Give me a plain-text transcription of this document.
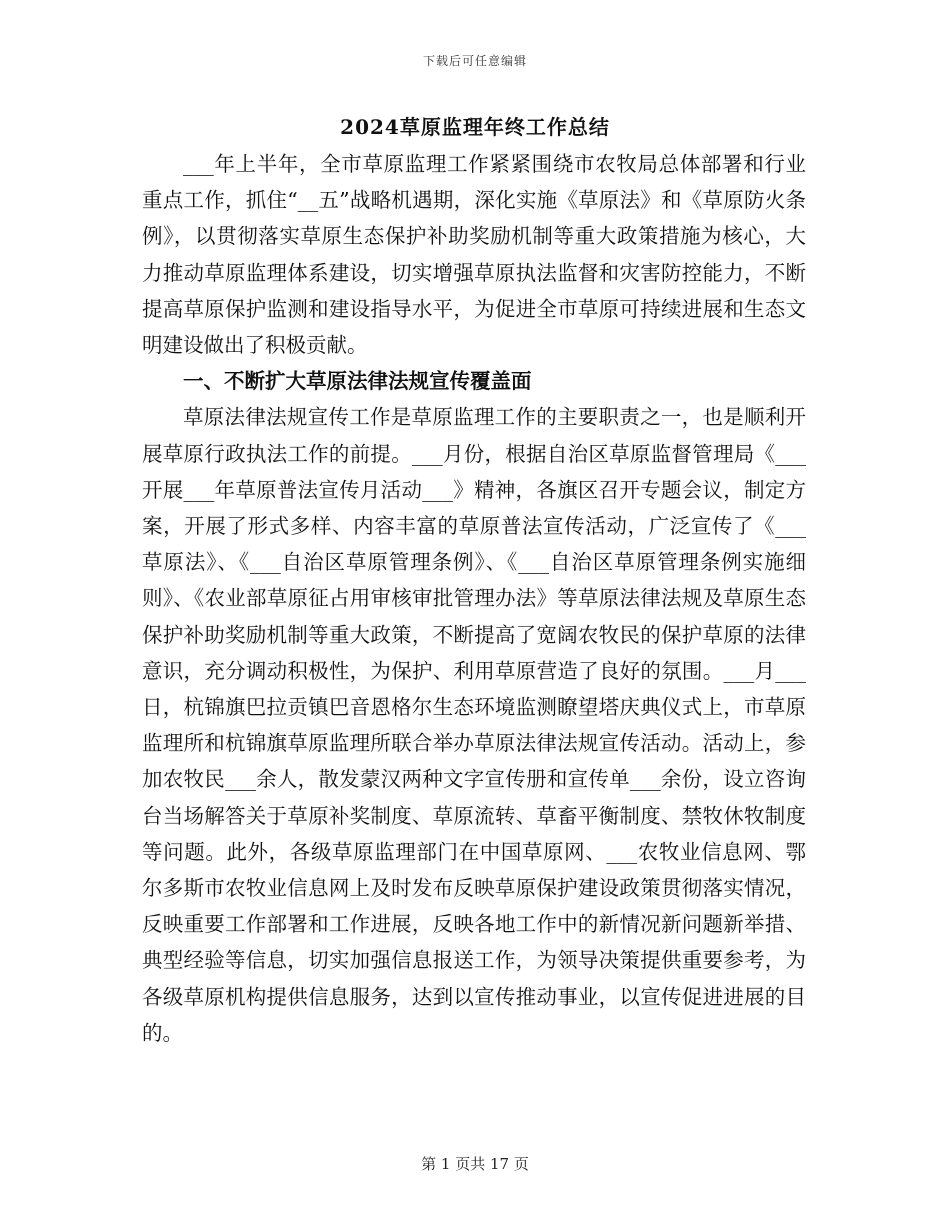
下载后可任意编辑
2024草原监理年终工作总结

___年上半年，全市草原监理工作紧紧围绕市农牧局总体部署和行业重点工作，抓住“__五”战略机遇期，深化实施《草原法》和《草原防火条例》，以贯彻落实草原生态保护补助奖励机制等重大政策措施为核心，大力推动草原监理体系建设，切实增强草原执法监督和灾害防控能力，不断提高草原保护监测和建设指导水平，为促进全市草原可持续进展和生态文明建设做出了积极贡献。

一、不断扩大草原法律法规宣传覆盖面

草原法律法规宣传工作是草原监理工作的主要职责之一，也是顺利开展草原行政执法工作的前提。___月份，根据自治区草原监督管理局《___开展___年草原普法宣传月活动___》精神，各旗区召开专题会议，制定方案，开展了形式多样、内容丰富的草原普法宣传活动，广泛宣传了《___草原法》、《___自治区草原管理条例》、《___自治区草原管理条例实施细则》、《农业部草原征占用审核审批管理办法》等草原法律法规及草原生态保护补助奖励机制等重大政策，不断提高了宽阔农牧民的保护草原的法律意识，充分调动积极性，为保护、利用草原营造了良好的氛围。___月___日，杭锦旗巴拉贡镇巴音恩格尔生态环境监测瞭望塔庆典仪式上，市草原监理所和杭锦旗草原监理所联合举办草原法律法规宣传活动。活动上，参加农牧民___余人，散发蒙汉两种文字宣传册和宣传单___余份，设立咨询台当场解答关于草原补奖制度、草原流转、草畜平衡制度、禁牧休牧制度等问题。此外，各级草原监理部门在中国草原网、___农牧业信息网、鄂尔多斯市农牧业信息网上及时发布反映草原保护建设政策贯彻落实情况，反映重要工作部署和工作进展，反映各地工作中的新情况新问题新举措、典型经验等信息，切实加强信息报送工作，为领导决策提供重要参考，为各级草原机构提供信息服务，达到以宣传推动事业，以宣传促进进展的目的。

第 1 页共 17 页
